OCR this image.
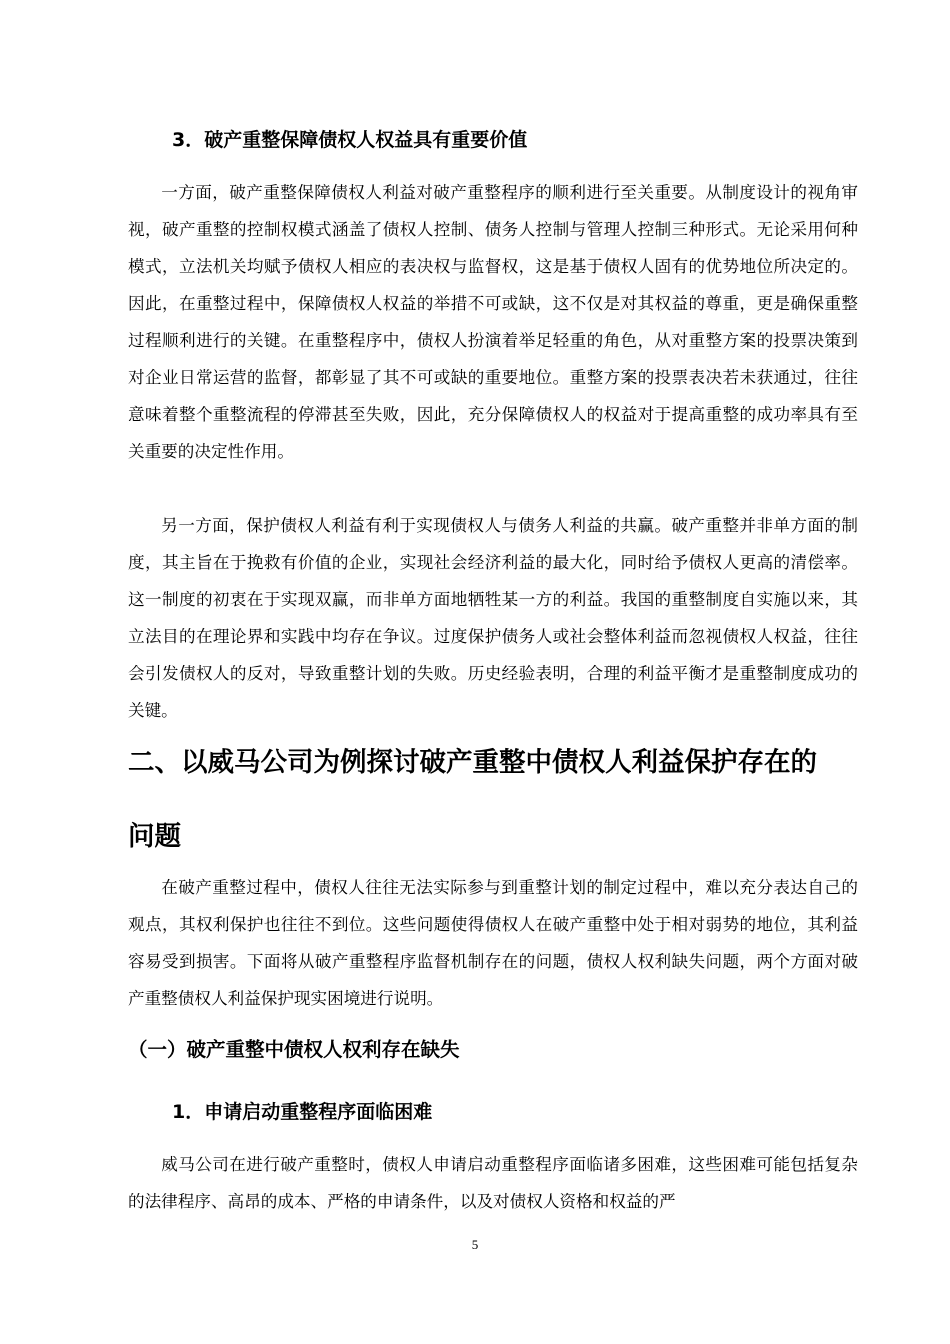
3．破产重整保障债权人权益具有重要价值

一方面，破产重整保障债权人利益对破产重整程序的顺利进行至关重要。从制度设计的视角审视，破产重整的控制权模式涵盖了债权人控制、债务人控制与管理人控制三种形式。无论采用何种模式，立法机关均赋予债权人相应的表决权与监督权，这是基于债权人固有的优势地位所决定的。因此，在重整过程中，保障债权人权益的举措不可或缺，这不仅是对其权益的尊重，更是确保重整过程顺利进行的关键。在重整程序中，债权人扮演着举足轻重的角色，从对重整方案的投票决策到对企业日常运营的监督，都彰显了其不可或缺的重要地位。重整方案的投票表决若未获通过，往往意味着整个重整流程的停滞甚至失败，因此，充分保障债权人的权益对于提高重整的成功率具有至关重要的决定性作用。

另一方面，保护债权人利益有利于实现债权人与债务人利益的共赢。破产重整并非单方面的制度，其主旨在于挽救有价值的企业，实现社会经济利益的最大化，同时给予债权人更高的清偿率。这一制度的初衷在于实现双赢，而非单方面地牺牲某一方的利益。我国的重整制度自实施以来，其立法目的在理论界和实践中均存在争议。过度保护债务人或社会整体利益而忽视债权人权益，往往会引发债权人的反对，导致重整计划的失败。历史经验表明，合理的利益平衡才是重整制度成功的关键。

二、以威马公司为例探讨破产重整中债权人利益保护存在的问题

在破产重整过程中，债权人往往无法实际参与到重整计划的制定过程中，难以充分表达自己的观点，其权利保护也往往不到位。这些问题使得债权人在破产重整中处于相对弱势的地位，其利益容易受到损害。下面将从破产重整程序监督机制存在的问题，债权人权利缺失问题，两个方面对破产重整债权人利益保护现实困境进行说明。

（一）破产重整中债权人权利存在缺失
1．申请启动重整程序面临困难

威马公司在进行破产重整时，债权人申请启动重整程序面临诸多困难，这些困难可能包括复杂的法律程序、高昂的成本、严格的申请条件，以及对债权人资格和权益的严

5
